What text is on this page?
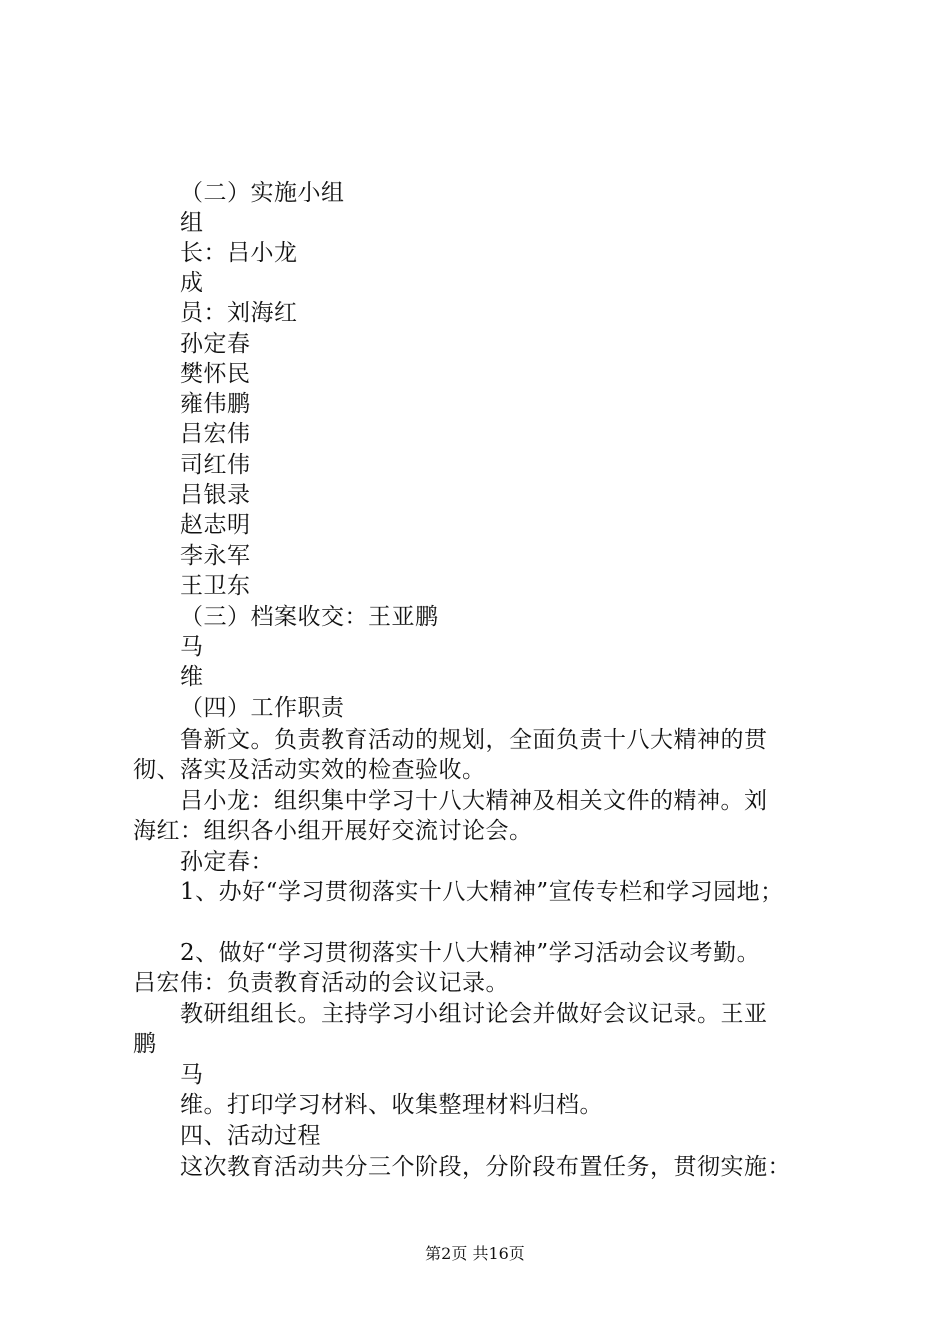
（二）实施小组
组
长：吕小龙
成
员：刘海红
孙定春
樊怀民
雍伟鹏
吕宏伟
司红伟
吕银录
赵志明
李永军
王卫东
（三）档案收交：王亚鹏
马
维
（四）工作职责
鲁新文。负责教育活动的规划，全面负责十八大精神的贯
彻、落实及活动实效的检查验收。
吕小龙：组织集中学习十八大精神及相关文件的精神。刘
海红：组织各小组开展好交流讨论会。
孙定春：
1、办好“学习贯彻落实十八大精神”宣传专栏和学习园地；
2、做好“学习贯彻落实十八大精神”学习活动会议考勤。
吕宏伟：负责教育活动的会议记录。
教研组组长。主持学习小组讨论会并做好会议记录。王亚
鹏
马
维。打印学习材料、收集整理材料归档。
四、活动过程
这次教育活动共分三个阶段，分阶段布置任务，贯彻实施：
第2页 共16页
